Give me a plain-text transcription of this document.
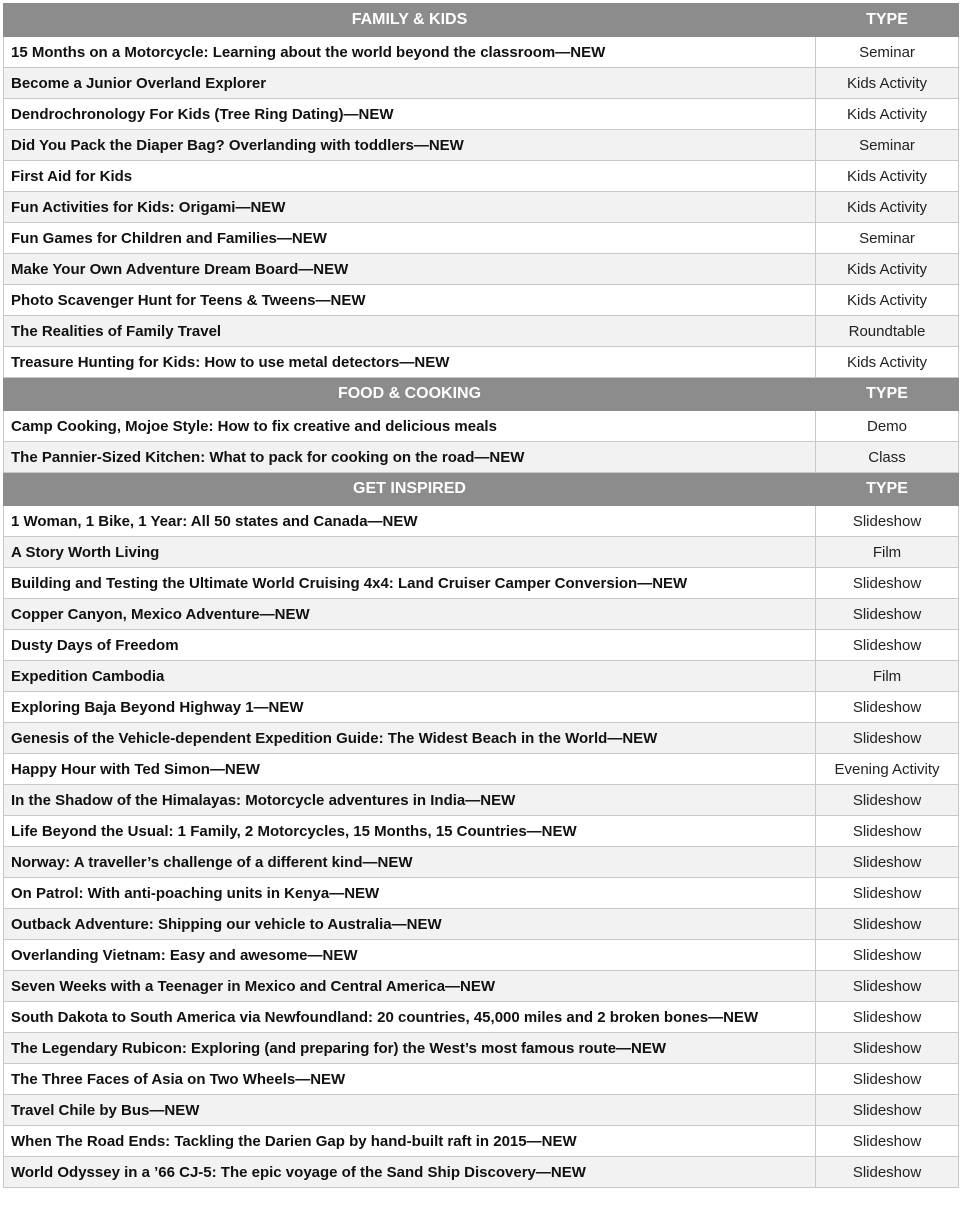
FAMILY & KIDS	TYPE
15 Months on a Motorcycle: Learning about the world beyond the classroom—NEW	Seminar
Become a Junior Overland Explorer	Kids Activity
Dendrochronology For Kids (Tree Ring Dating)—NEW	Kids Activity
Did You Pack the Diaper Bag? Overlanding with toddlers—NEW	Seminar
First Aid for Kids	Kids Activity
Fun Activities for Kids: Origami—NEW	Kids Activity
Fun Games for Children and Families—NEW	Seminar
Make Your Own Adventure Dream Board—NEW	Kids Activity
Photo Scavenger Hunt for Teens & Tweens—NEW	Kids Activity
The Realities of Family Travel	Roundtable
Treasure Hunting for Kids: How to use metal detectors—NEW	Kids Activity
FOOD & COOKING	TYPE
Camp Cooking, Mojoe Style: How to fix creative and delicious meals	Demo
The Pannier-Sized Kitchen: What to pack for cooking on the road—NEW	Class
GET INSPIRED	TYPE
1 Woman, 1 Bike, 1 Year: All 50 states and Canada—NEW	Slideshow
A Story Worth Living	Film
Building and Testing the Ultimate World Cruising 4x4: Land Cruiser Camper Conversion—NEW	Slideshow
Copper Canyon, Mexico Adventure—NEW	Slideshow
Dusty Days of Freedom	Slideshow
Expedition Cambodia	Film
Exploring Baja Beyond Highway 1—NEW	Slideshow
Genesis of the Vehicle-dependent Expedition Guide: The Widest Beach in the World—NEW	Slideshow
Happy Hour with Ted Simon—NEW	Evening Activity
In the Shadow of the Himalayas: Motorcycle adventures in India—NEW	Slideshow
Life Beyond the Usual: 1 Family, 2 Motorcycles, 15 Months, 15 Countries—NEW	Slideshow
Norway: A traveller’s challenge of a different kind—NEW	Slideshow
On Patrol: With anti-poaching units in Kenya—NEW	Slideshow
Outback Adventure: Shipping our vehicle to Australia—NEW	Slideshow
Overlanding Vietnam: Easy and awesome—NEW	Slideshow
Seven Weeks with a Teenager in Mexico and Central America—NEW	Slideshow
South Dakota to South America via Newfoundland: 20 countries, 45,000 miles and 2 broken bones—NEW	Slideshow
The Legendary Rubicon: Exploring (and preparing for) the West’s most famous route—NEW	Slideshow
The Three Faces of Asia on Two Wheels—NEW	Slideshow
Travel Chile by Bus—NEW	Slideshow
When The Road Ends: Tackling the Darien Gap by hand-built raft in 2015—NEW	Slideshow
World Odyssey in a ’66 CJ-5: The epic voyage of the Sand Ship Discovery—NEW	Slideshow
